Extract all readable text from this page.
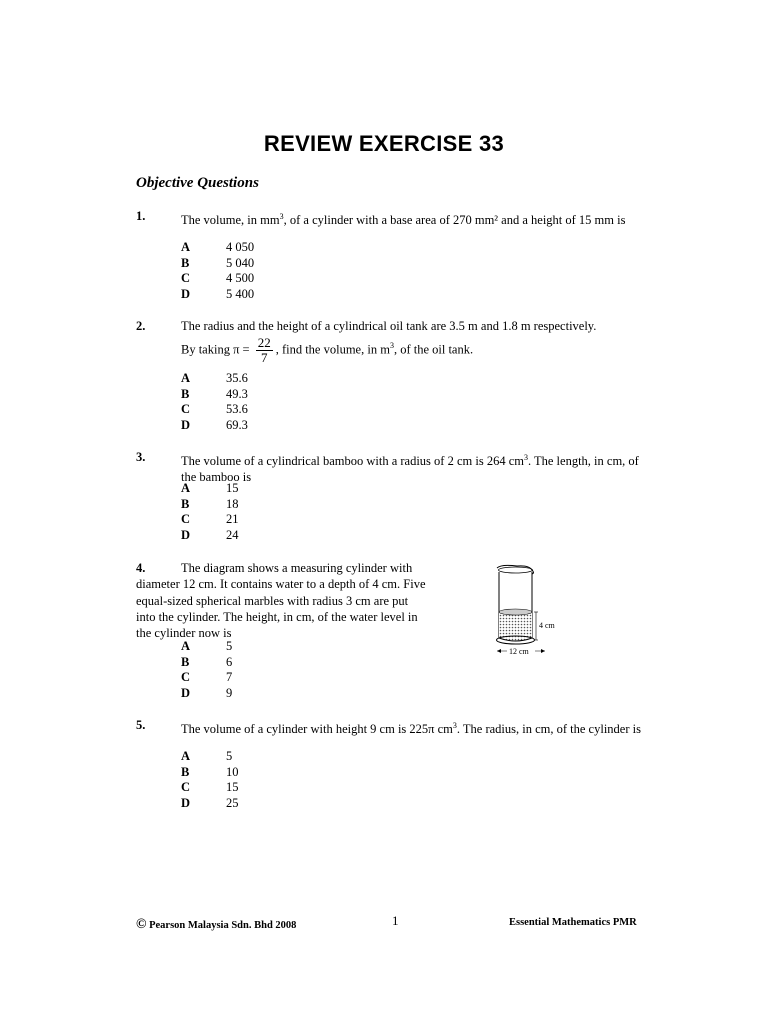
REVIEW EXERCISE 33
Objective Questions
1.	The volume, in $mm^3$, of a cylinder with a base area of 270 mm² and a height of 15 mm is
A	4 050
B	5 040
C	4 500
D	5 400
2.	The radius and the height of a cylindrical oil tank are 3.5 m and 1.8 m respectively.
By taking $\pi = \frac{22}{7}$ , find the volume, in $m^3$, of the oil tank.
A	35.6
B	49.3
C	53.6
D	69.3
3.	The volume of a cylindrical bamboo with a radius of 2 cm is 264 $cm^3$. The length, in cm, of the bamboo is
A	15
B	18
C	21
D	24
4.	The diagram shows a measuring cylinder with diameter 12 cm. It contains water to a depth of 4 cm. Five equal-sized spherical marbles with radius 3 cm are put into the cylinder. The height, in cm, of the water level in the cylinder now is
A	5
B	6
C	7
D	9
4 cm
12 cm
5.	The volume of a cylinder with height 9 cm is 225π $cm^3$. The radius, in cm, of the cylinder is
A	5
B	10
C	15
D	25
© Pearson Malaysia Sdn. Bhd 2008	1	Essential Mathematics PMR
